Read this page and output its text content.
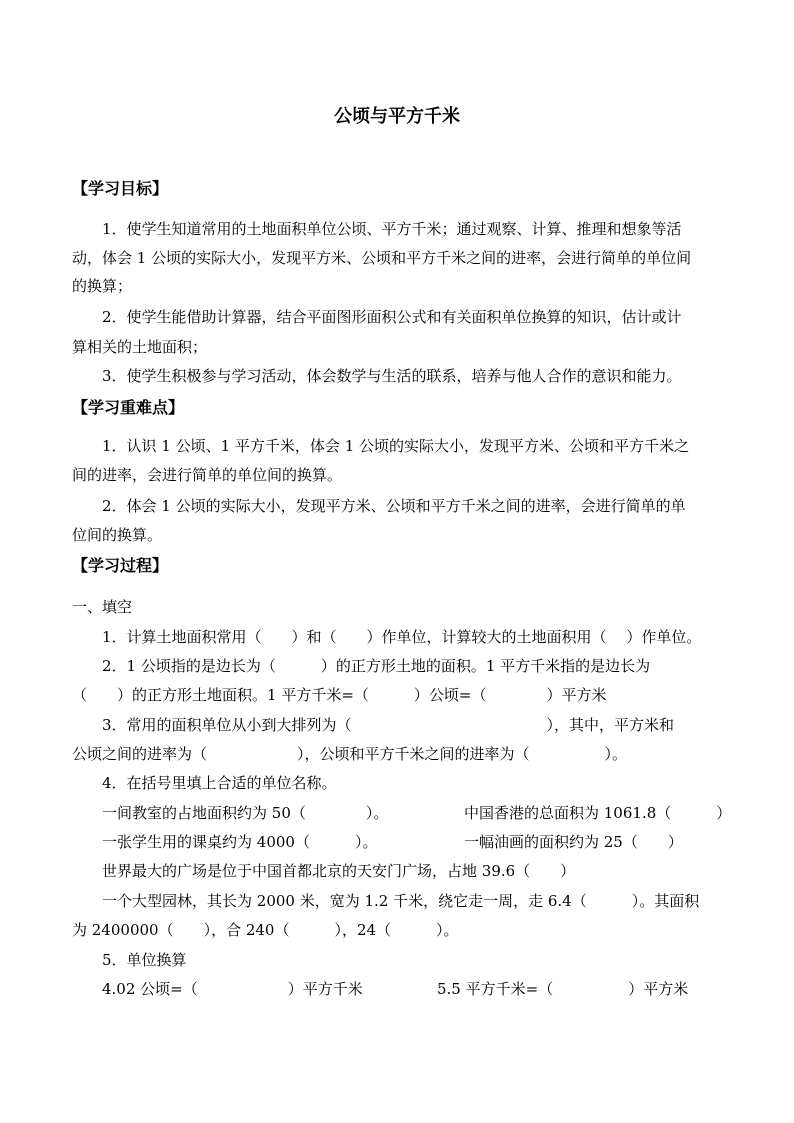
公顷与平方千米
【学习目标】
1．使学生知道常用的土地面积单位公顷、平方千米；通过观察、计算、推理和想象等活
动，体会 1 公顷的实际大小，发现平方米、公顷和平方千米之间的进率，会进行简单的单位间
的换算；
2．使学生能借助计算器，结合平面图形面积公式和有关面积单位换算的知识，估计或计
算相关的土地面积；
3．使学生积极参与学习活动，体会数学与生活的联系，培养与他人合作的意识和能力。
【学习重难点】
1．认识 1 公顷、1 平方千米，体会 1 公顷的实际大小，发现平方米、公顷和平方千米之
间的进率，会进行简单的单位间的换算。
2．体会 1 公顷的实际大小，发现平方米、公顷和平方千米之间的进率，会进行简单的单
位间的换算。
【学习过程】
一、填空
1．计算土地面积常用（　　）和（　　）作单位，计算较大的土地面积用（　 ）作单位。
2．1 公顷指的是边长为（　　　）的正方形土地的面积。1 平方千米指的是边长为
（　　）的正方形土地面积。1 平方千米=（　　　）公顷=（　　　　）平方米
3．常用的面积单位从小到大排列为（　　　　　　　　　　　　　），其中，平方米和
公顷之间的进率为（　　　　　　），公顷和平方千米之间的进率为（　　　　　）。
4．在括号里填上合适的单位名称。
一间教室的占地面积约为 50（　　　　）。	中国香港的总面积为 1061.8（　　　）
一张学生用的课桌约为 4000（　　　）。	一幅油画的面积约为 25（　　）
世界最大的广场是位于中国首都北京的天安门广场，占地 39.6（　　）
一个大型园林，其长为 2000 米，宽为 1.2 千米，绕它走一周，走 6.4（　　　）。其面积
为 2400000（　　），合 240（　　　），24（　　　）。
5．单位换算
4.02 公顷=（　　　　　　）平方千米	5.5 平方千米=（　　　　　）平方米
